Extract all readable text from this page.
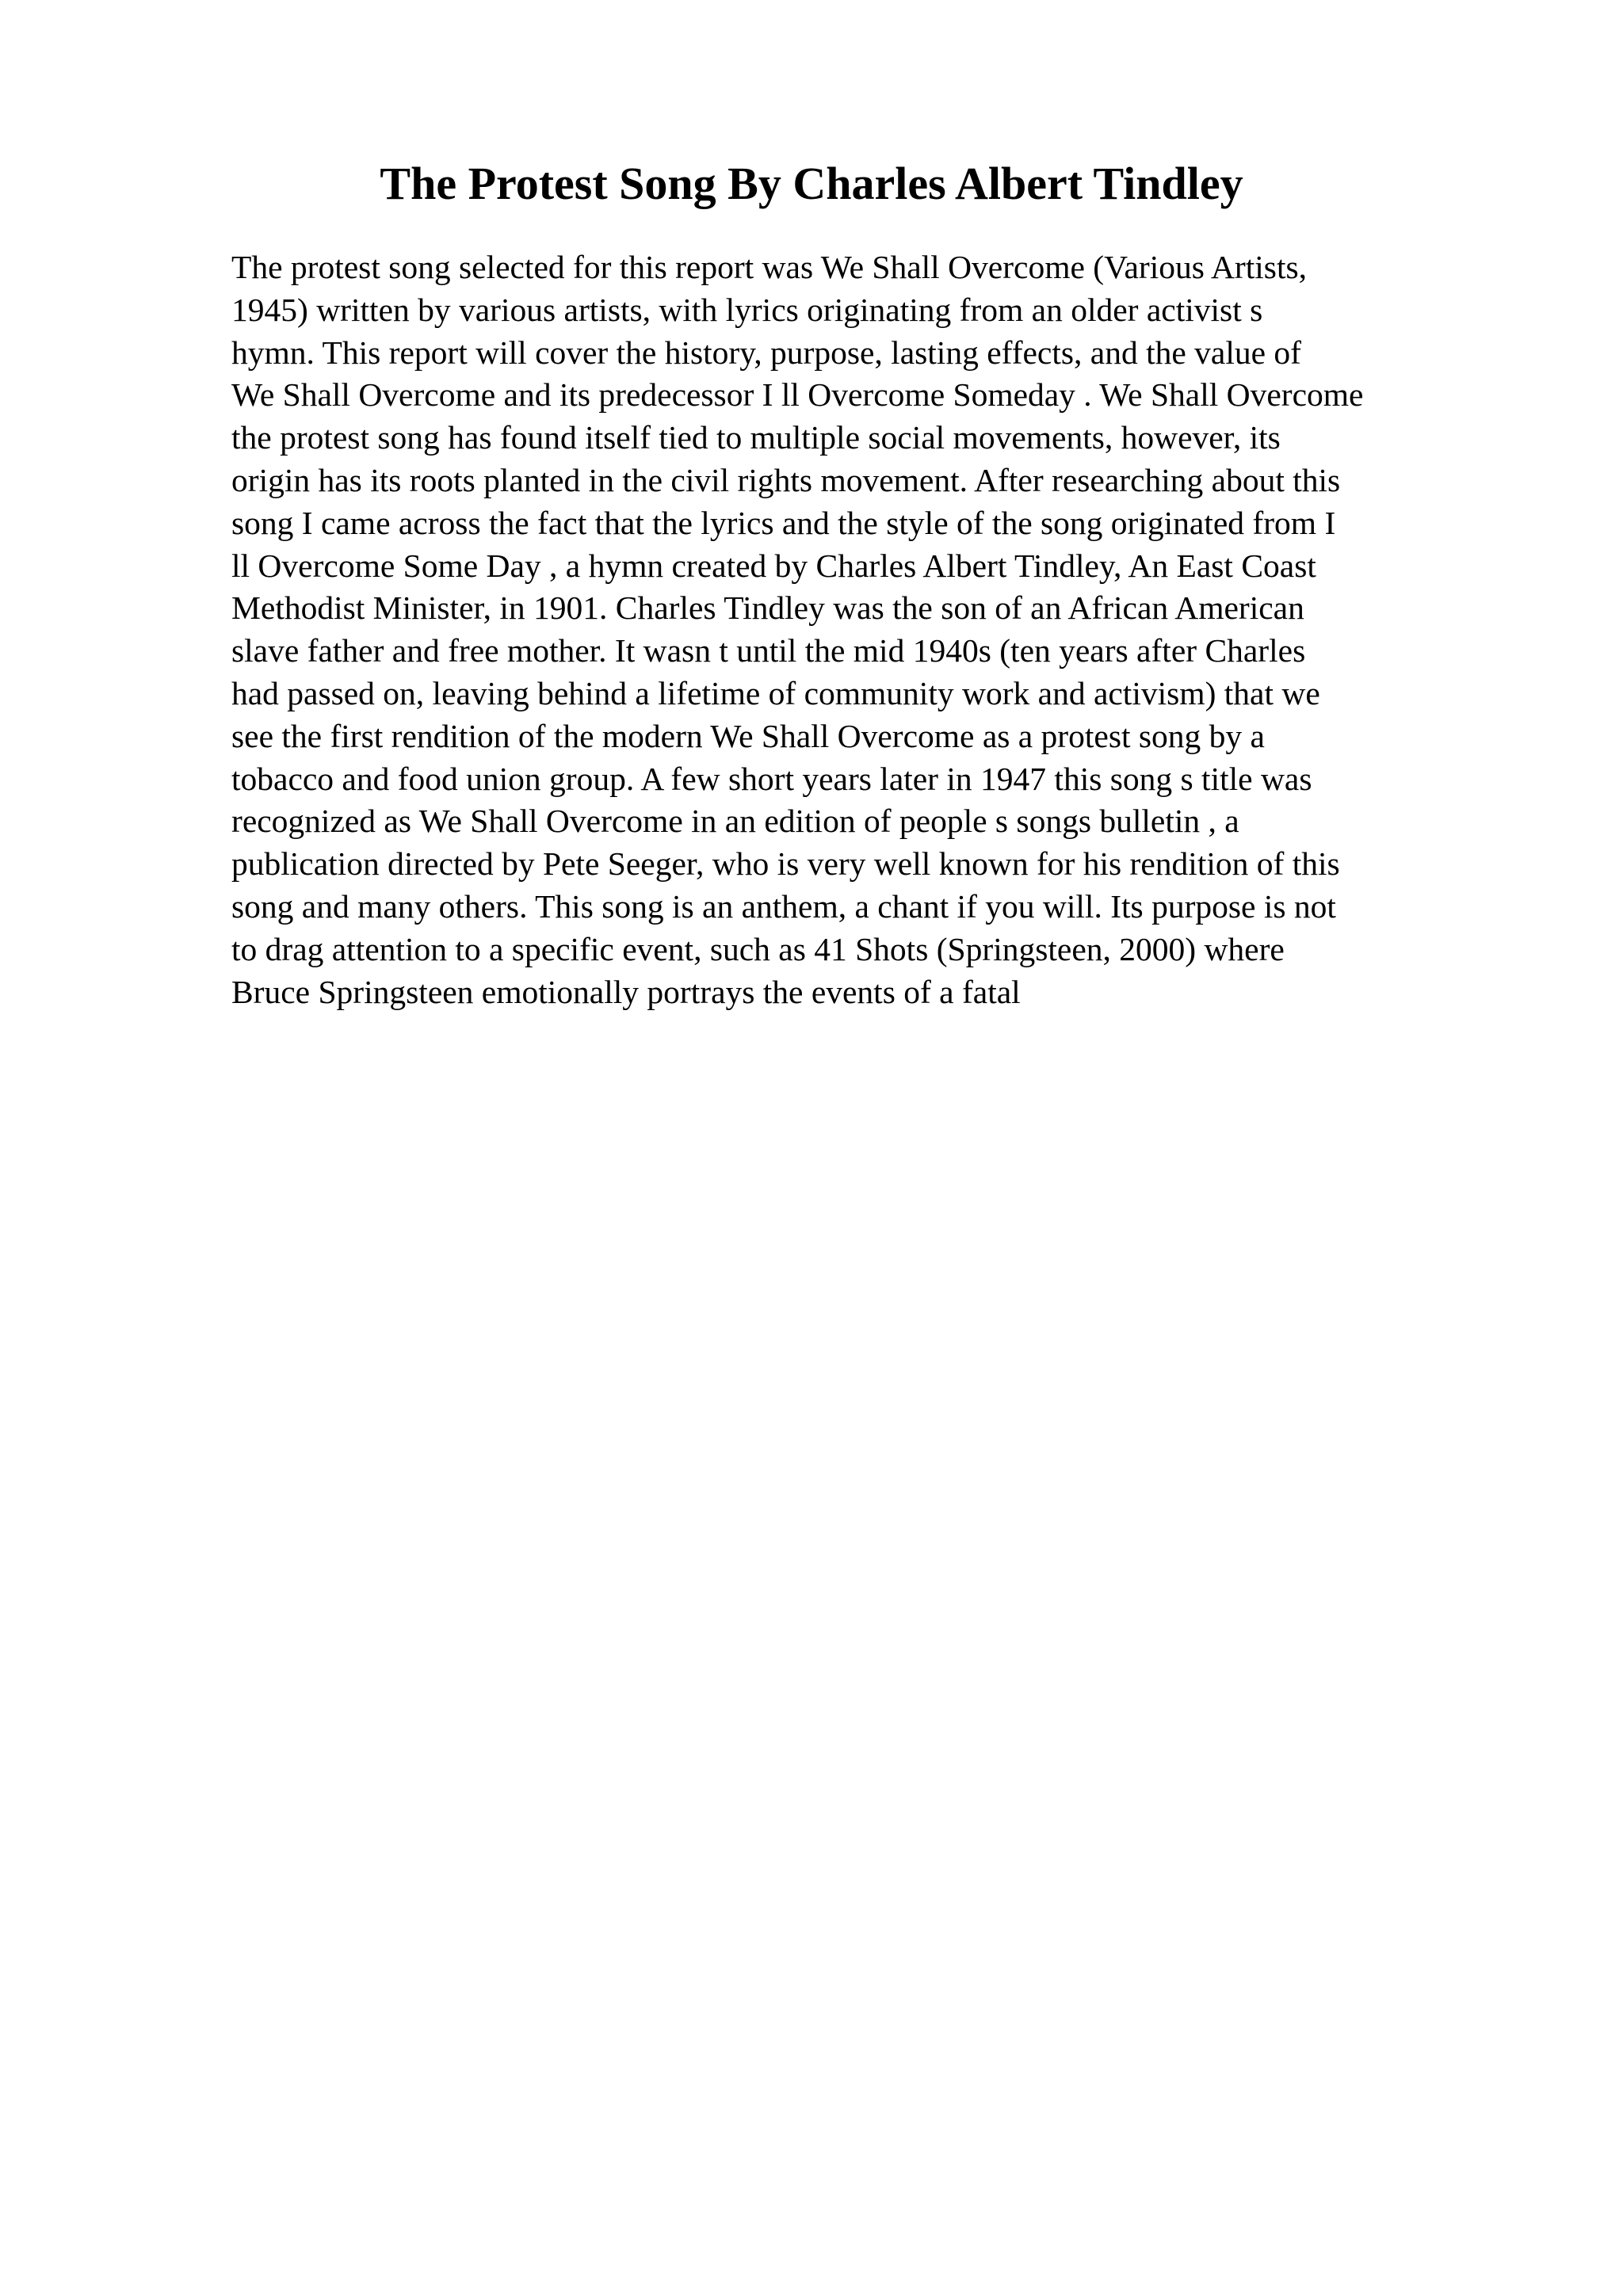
The Protest Song By Charles Albert Tindley
The protest song selected for this report was We Shall Overcome (Various Artists,
1945) written by various artists, with lyrics originating from an older activist s
hymn. This report will cover the history, purpose, lasting effects, and the value of
We Shall Overcome and its predecessor I ll Overcome Someday . We Shall Overcome
the protest song has found itself tied to multiple social movements, however, its
origin has its roots planted in the civil rights movement. After researching about this
song I came across the fact that the lyrics and the style of the song originated from I
ll Overcome Some Day , a hymn created by Charles Albert Tindley, An East Coast
Methodist Minister, in 1901. Charles Tindley was the son of an African American
slave father and free mother. It wasn t until the mid 1940s (ten years after Charles
had passed on, leaving behind a lifetime of community work and activism) that we
see the first rendition of the modern We Shall Overcome as a protest song by a
tobacco and food union group. A few short years later in 1947 this song s title was
recognized as We Shall Overcome in an edition of people s songs bulletin , a
publication directed by Pete Seeger, who is very well known for his rendition of this
song and many others. This song is an anthem, a chant if you will. Its purpose is not
to drag attention to a specific event, such as 41 Shots (Springsteen, 2000) where
Bruce Springsteen emotionally portrays the events of a fatal
